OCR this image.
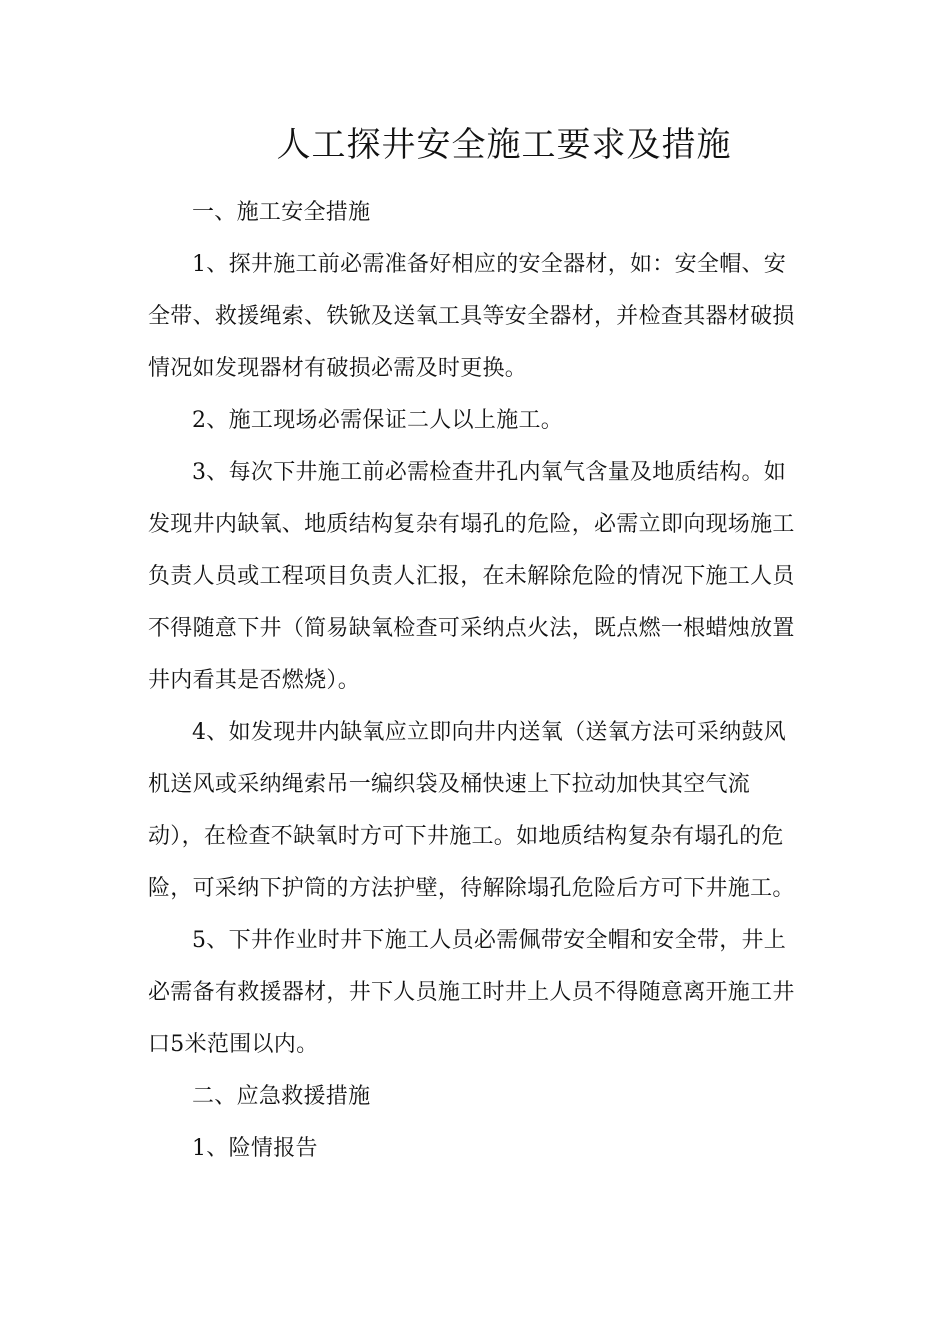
人工探井安全施工要求及措施
一、施工安全措施
1、探井施工前必需准备好相应的安全器材，如：安全帽、安
全带、救援绳索、铁锨及送氧工具等安全器材，并检查其器材破损
情况如发现器材有破损必需及时更换。
2、施工现场必需保证二人以上施工。
3、每次下井施工前必需检查井孔内氧气含量及地质结构。如
发现井内缺氧、地质结构复杂有塌孔的危险，必需立即向现场施工
负责人员或工程项目负责人汇报，在未解除危险的情况下施工人员
不得随意下井（简易缺氧检查可采纳点火法，既点燃一根蜡烛放置
井内看其是否燃烧）。
4、如发现井内缺氧应立即向井内送氧（送氧方法可采纳鼓风
机送风或采纳绳索吊一编织袋及桶快速上下拉动加快其空气流
动），在检查不缺氧时方可下井施工。如地质结构复杂有塌孔的危
险，可采纳下护筒的方法护壁，待解除塌孔危险后方可下井施工。
5、下井作业时井下施工人员必需佩带安全帽和安全带，井上
必需备有救援器材，井下人员施工时井上人员不得随意离开施工井
口5米范围以内。
二、应急救援措施
1、险情报告
